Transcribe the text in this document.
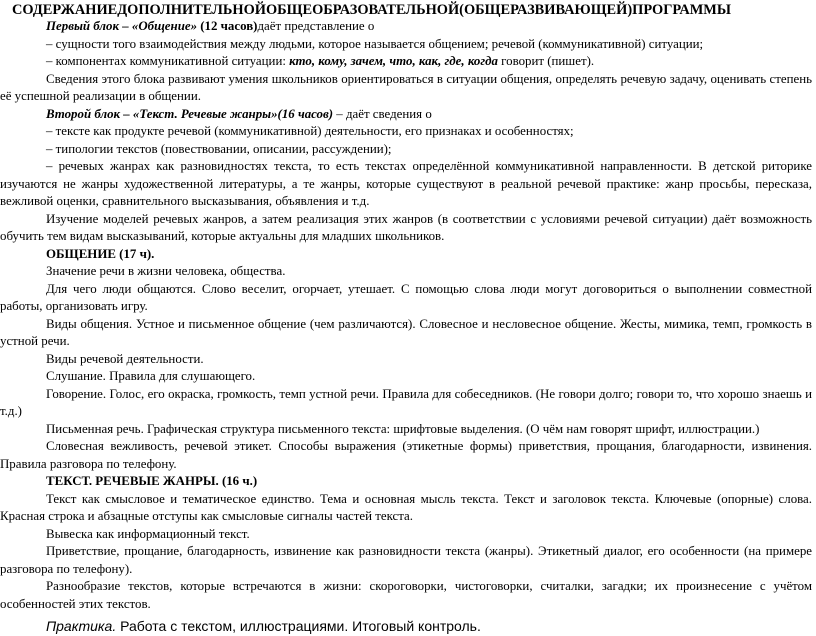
СОДЕРЖАНИЕДОПОЛНИТЕЛЬНОЙОБЩЕОБРАЗОВАТЕЛЬНОЙ(ОБЩЕРАЗВИВАЮЩЕЙ)ПРОГРАММЫ

Первый блок – «Общение» (12 часов)даёт представление о

– сущности того взаимодействия между людьми, которое называется общением; речевой (коммуникативной) ситуации;

– компонентах коммуникативной ситуации: кто, кому, зачем, что, как, где, когда говорит (пишет).

Сведения этого блока развивают умения школьников ориентироваться в ситуации общения, определять речевую задачу, оценивать степень её успешной реализации в общении.

Второй блок – «Текст. Речевые жанры»(16 часов) – даёт сведения о

– тексте как продукте речевой (коммуникативной) деятельности, его признаках и особенностях;

– типологии текстов (повествовании, описании, рассуждении);

– речевых жанрах как разновидностях текста, то есть текстах определённой коммуникативной направленности. В детской риторике изучаются не жанры художественной литературы, а те жанры, которые существуют в реальной речевой практике: жанр просьбы, пересказа, вежливой оценки, сравнительного высказывания, объявления и т.д.

Изучение моделей речевых жанров, а затем реализация этих жанров (в соответствии с условиями речевой ситуации) даёт возможность обучить тем видам высказываний, которые актуальны для младших школьников.

ОБЩЕНИЕ (17 ч).

Значение речи в жизни человека, общества.

Для чего люди общаются. Слово веселит, огорчает, утешает. С помощью слова люди могут договориться о выполнении совместной работы, организовать игру.

Виды общения. Устное и письменное общение (чем различаются). Словесное и несловесное общение. Жесты, мимика, темп, громкость в устной речи.

Виды речевой деятельности.

Слушание. Правила для слушающего.

Говорение. Голос, его окраска, громкость, темп устной речи. Правила для собеседников. (Не говори долго; говори то, что хорошо знаешь и т.д.)

Письменная речь. Графическая структура письменного текста: шрифтовые выделения. (О чём нам говорят шрифт, иллюстрации.)

Словесная вежливость, речевой этикет. Способы выражения (этикетные формы) приветствия, прощания, благодарности, извинения. Правила разговора по телефону.

ТЕКСТ. РЕЧЕВЫЕ ЖАНРЫ. (16 ч.)

Текст как смысловое и тематическое единство. Тема и основная мысль текста. Текст и заголовок текста. Ключевые (опорные) слова. Красная строка и абзацные отступы как смысловые сигналы частей текста.

Вывеска как информационный текст.

Приветствие, прощание, благодарность, извинение как разновидности текста (жанры). Этикетный диалог, его особенности (на примере разговора по телефону).

Разнообразие текстов, которые встречаются в жизни: скороговорки, чистоговорки, считалки, загадки; их произнесение с учётом особенностей этих текстов.

Практика. Работа с текстом, иллюстрациями. Итоговый контроль.
